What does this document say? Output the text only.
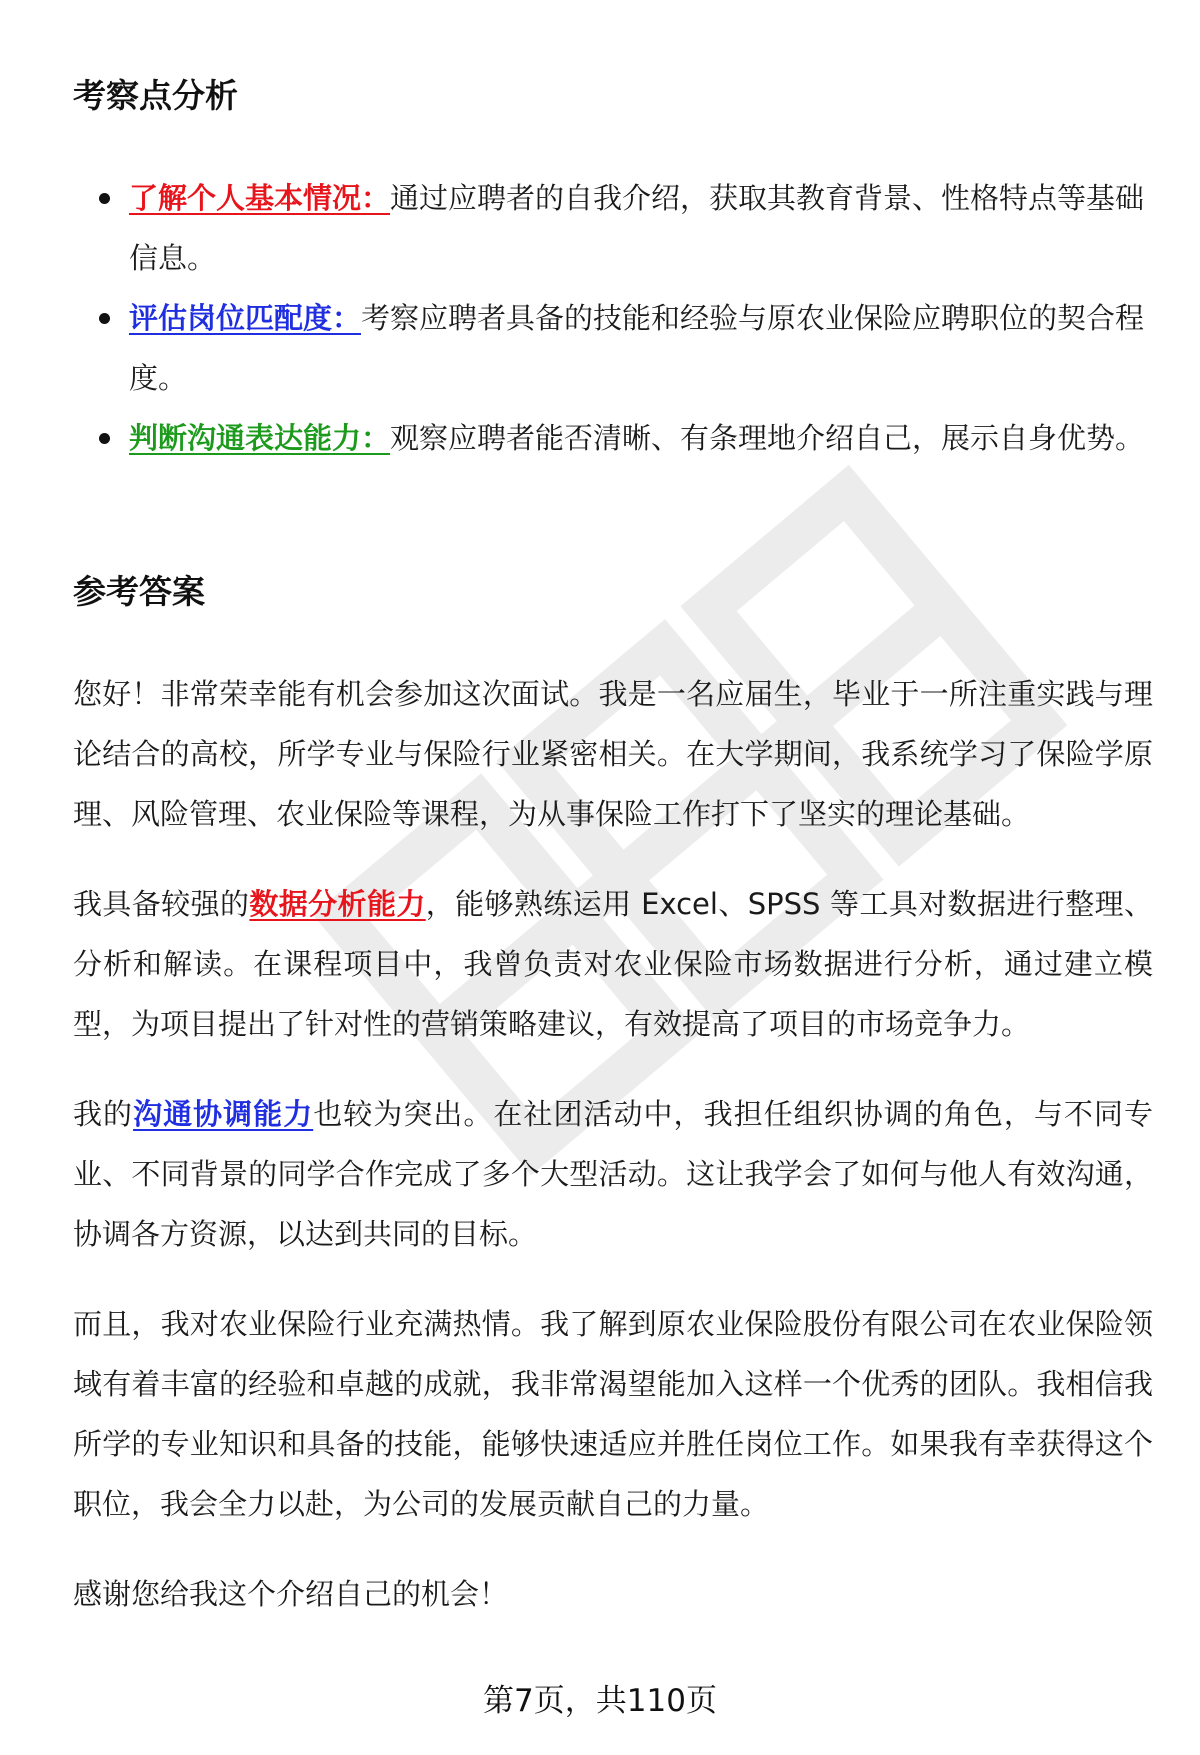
考察点分析
了解个人基本情况：通过应聘者的自我介绍，获取其教育背景、性格特点等基础信息。
评估岗位匹配度：考察应聘者具备的技能和经验与原农业保险应聘职位的契合程度。
判断沟通表达能力：观察应聘者能否清晰、有条理地介绍自己，展示自身优势。
参考答案

您好！非常荣幸能有机会参加这次面试。我是一名应届生，毕业于一所注重实践与理论结合的高校，所学专业与保险行业紧密相关。在大学期间，我系统学习了保险学原理、风险管理、农业保险等课程，为从事保险工作打下了坚实的理论基础。

我具备较强的数据分析能力，能够熟练运用 Excel、SPSS 等工具对数据进行整理、分析和解读。在课程项目中，我曾负责对农业保险市场数据进行分析，通过建立模型，为项目提出了针对性的营销策略建议，有效提高了项目的市场竞争力。

我的沟通协调能力也较为突出。在社团活动中，我担任组织协调的角色，与不同专业、不同背景的同学合作完成了多个大型活动。这让我学会了如何与他人有效沟通，协调各方资源，以达到共同的目标。

而且，我对农业保险行业充满热情。我了解到原农业保险股份有限公司在农业保险领域有着丰富的经验和卓越的成就，我非常渴望能加入这样一个优秀的团队。我相信我所学的专业知识和具备的技能，能够快速适应并胜任岗位工作。如果我有幸获得这个职位，我会全力以赴，为公司的发展贡献自己的力量。

感谢您给我这个介绍自己的机会！

第7页，共110页
